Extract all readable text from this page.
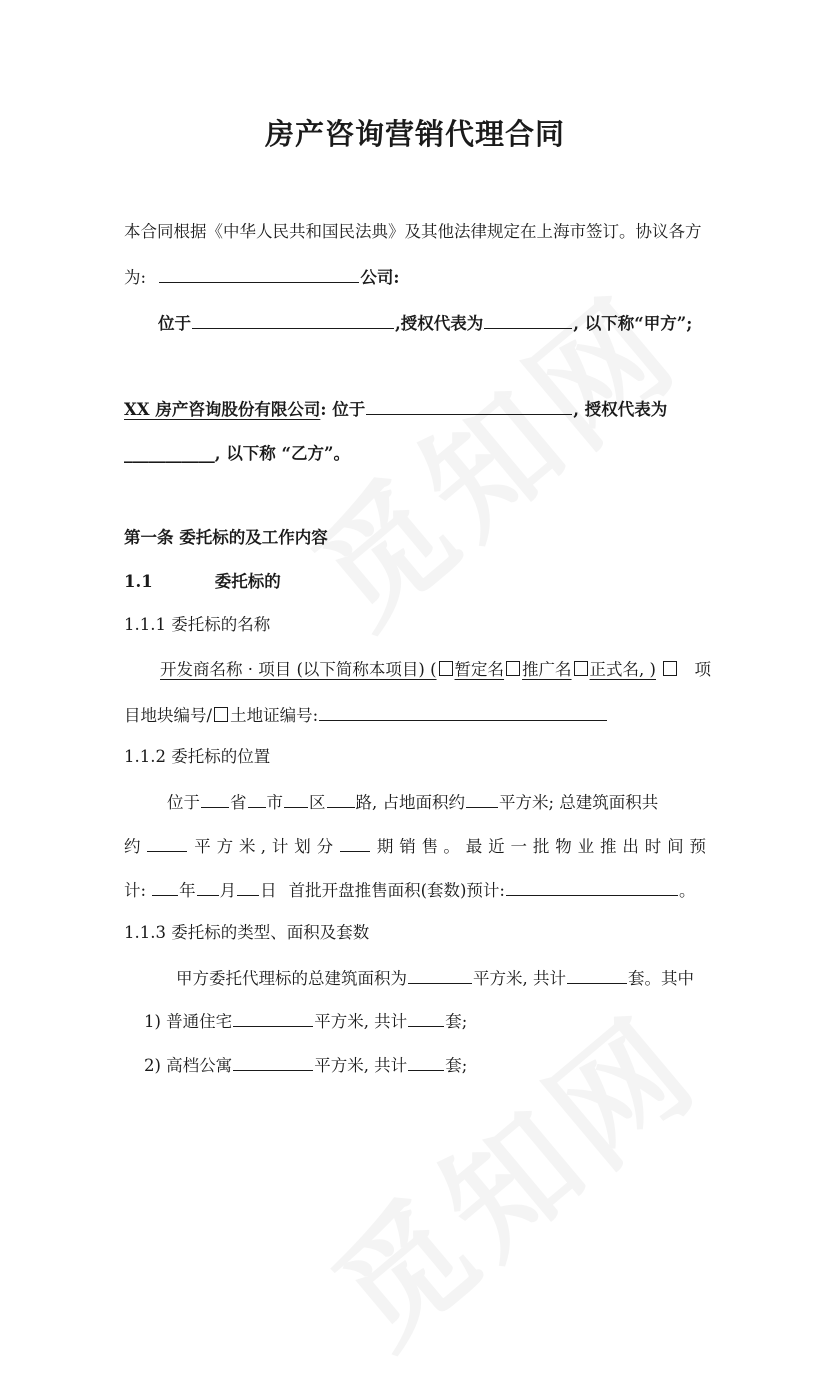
房产咨询营销代理合同
本合同根据《中华人民共和国民法典》及其他法律规定在上海市签订。协议各方
为:	公司:
位于	,授权代表为	, 以下称“甲方”;
XX 房产咨询股份有限公司: 位于	, 授权代表为
___________, 以下称 “乙方”。
第一条 委托标的及工作内容
1.1	委托标的
1.1.1 委托标的名称
开发商名称 · 项目 (以下简称本项目) ( 暂定名 推广名 正式名, ) 项
目地块编号/ 土地证编号:
1.1.2 委托标的位置
位于 省 市 区 路, 占地面积约 平方米; 总建筑面积共
约	平 方 米 , 计 划 分	期 销 售 。 最 近 一 批 物 业 推 出 时 间 预
计: 年 月 日 首批开盘推售面积(套数)预计:	。
1.1.3 委托标的类型、面积及套数
甲方委托代理标的总建筑面积为	平方米, 共计	套。其中
1) 普通住宅	平方米, 共计 套;
2) 高档公寓	平方米, 共计 套;
